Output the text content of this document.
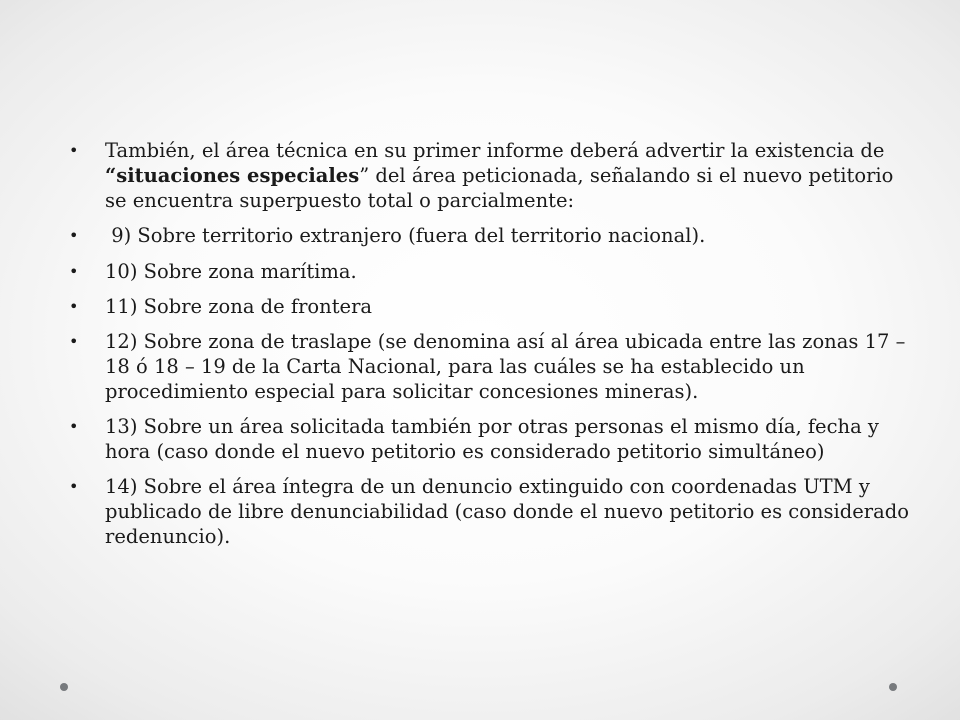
• También, el área técnica en su primer informe deberá advertir la existencia de “situaciones especiales” del área peticionada, señalando si el nuevo petitorio se encuentra superpuesto total o parcialmente:
• 9) Sobre territorio extranjero (fuera del territorio nacional).
• 10) Sobre zona marítima.
• 11) Sobre zona de frontera
• 12) Sobre zona de traslape (se denomina así al área ubicada entre las zonas 17 – 18 ó 18 – 19 de la Carta Nacional, para las cuáles se ha establecido un procedimiento especial para solicitar concesiones mineras).
• 13) Sobre un área solicitada también por otras personas el mismo día, fecha y hora (caso donde el nuevo petitorio es considerado petitorio simultáneo)
• 14) Sobre el área íntegra de un denuncio extinguido con coordenadas UTM y publicado de libre denunciabilidad (caso donde el nuevo petitorio es considerado redenuncio).
